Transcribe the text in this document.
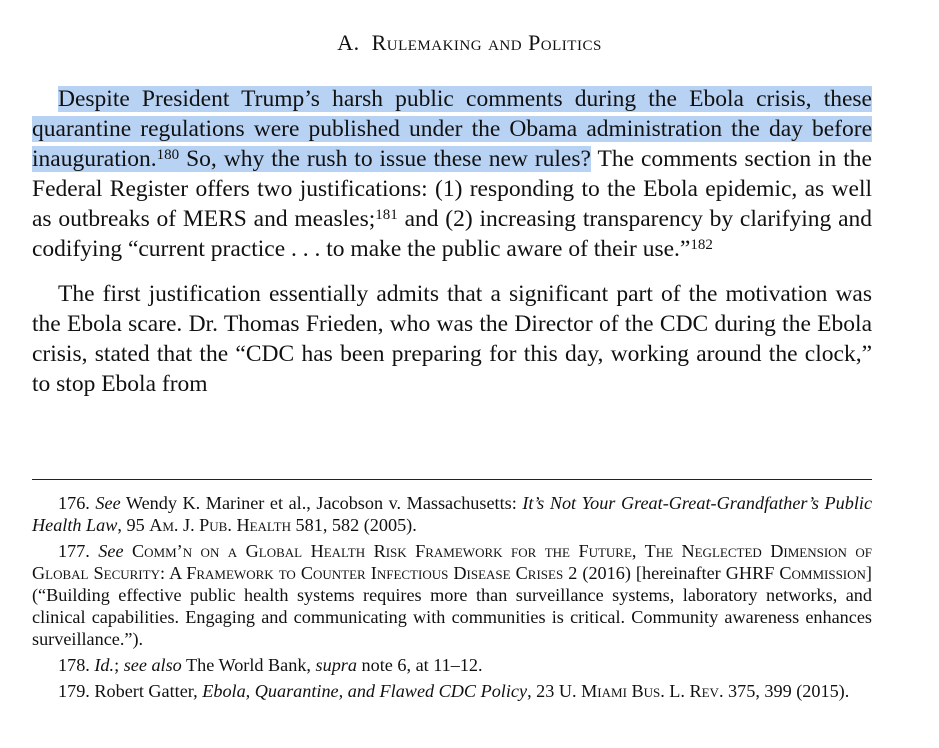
A. Rulemaking and Politics

Despite President Trump’s harsh public comments during the Ebola crisis, these quarantine regulations were published under the Obama administration the day before inauguration.$^{180}$ So, why the rush to issue these new rules? The comments section in the Federal Register offers two justifications: (1) responding to the Ebola epidemic, as well as outbreaks of MERS and measles;$^{181}$ and (2) increasing transparency by clarifying and codifying “current practice . . . to make the public aware of their use.”$^{182}$

The first justification essentially admits that a significant part of the motivation was the Ebola scare. Dr. Thomas Frieden, who was the Director of the CDC during the Ebola crisis, stated that the “CDC has been preparing for this day, working around the clock,” to stop Ebola from

176. See Wendy K. Mariner et al., Jacobson v. Massachusetts: It’s Not Your Great-Great-Grandfather’s Public Health Law, 95 Am. J. Pub. Health 581, 582 (2005).

177. See Comm’n on a Global Health Risk Framework for the Future, The Neglected Dimension of Global Security: A Framework to Counter Infectious Disease Crises 2 (2016) [hereinafter GHRF Commission] (“Building effective public health systems requires more than surveillance systems, laboratory networks, and clinical capabilities. Engaging and communicating with communities is critical. Community awareness enhances surveillance.”).

178. Id.; see also The World Bank, supra note 6, at 11–12.

179. Robert Gatter, Ebola, Quarantine, and Flawed CDC Policy, 23 U. Miami Bus. L. Rev. 375, 399 (2015).
